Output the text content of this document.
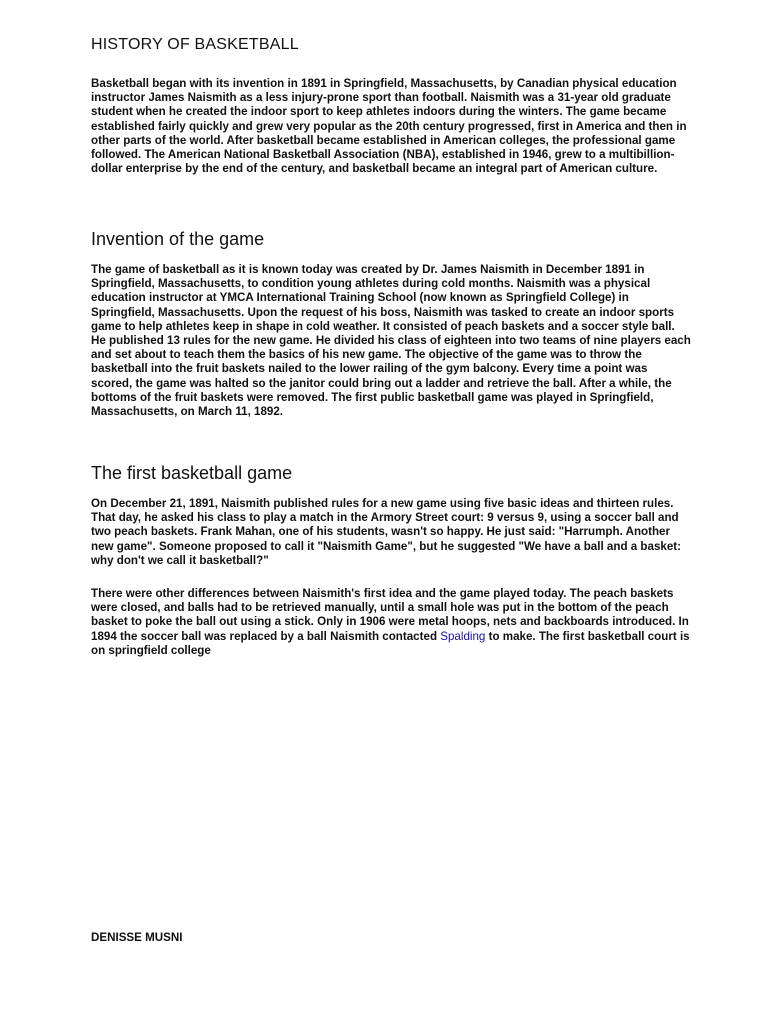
HISTORY OF BASKETBALL

Basketball began with its invention in 1891 in Springfield, Massachusetts, by Canadian physical education instructor James Naismith as a less injury-prone sport than football. Naismith was a 31-year old graduate student when he created the indoor sport to keep athletes indoors during the winters. The game became established fairly quickly and grew very popular as the 20th century progressed, first in America and then in other parts of the world. After basketball became established in American colleges, the professional game followed. The American National Basketball Association (NBA), established in 1946, grew to a multibillion-dollar enterprise by the end of the century, and basketball became an integral part of American culture.

Invention of the game

The game of basketball as it is known today was created by Dr. James Naismith in December 1891 in Springfield, Massachusetts, to condition young athletes during cold months. Naismith was a physical education instructor at YMCA International Training School (now known as Springfield College) in Springfield, Massachusetts. Upon the request of his boss, Naismith was tasked to create an indoor sports game to help athletes keep in shape in cold weather. It consisted of peach baskets and a soccer style ball. He published 13 rules for the new game. He divided his class of eighteen into two teams of nine players each and set about to teach them the basics of his new game. The objective of the game was to throw the basketball into the fruit baskets nailed to the lower railing of the gym balcony. Every time a point was scored, the game was halted so the janitor could bring out a ladder and retrieve the ball. After a while, the bottoms of the fruit baskets were removed. The first public basketball game was played in Springfield, Massachusetts, on March 11, 1892.

The first basketball game

On December 21, 1891, Naismith published rules for a new game using five basic ideas and thirteen rules. That day, he asked his class to play a match in the Armory Street court: 9 versus 9, using a soccer ball and two peach baskets. Frank Mahan, one of his students, wasn't so happy. He just said: "Harrumph. Another new game". Someone proposed to call it "Naismith Game", but he suggested "We have a ball and a basket: why don't we call it basketball?"

There were other differences between Naismith's first idea and the game played today. The peach baskets were closed, and balls had to be retrieved manually, until a small hole was put in the bottom of the peach basket to poke the ball out using a stick. Only in 1906 were metal hoops, nets and backboards introduced. In 1894 the soccer ball was replaced by a ball Naismith contacted Spalding to make. The first basketball court is on springfield college

DENISSE MUSNI
